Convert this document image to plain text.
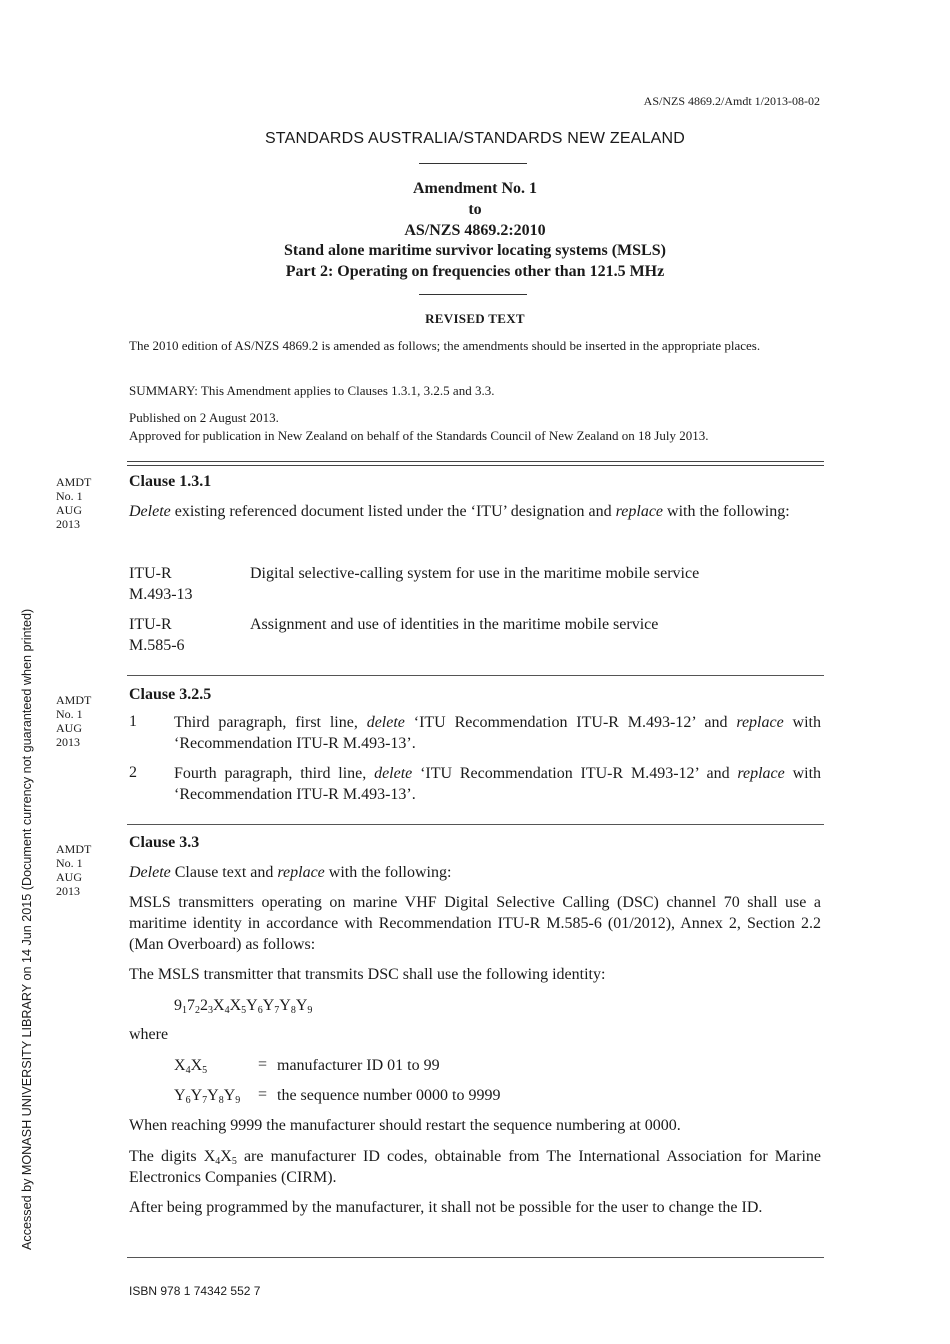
AS/NZS 4869.2/Amdt 1/2013-08-02
STANDARDS AUSTRALIA/STANDARDS NEW ZEALAND
Amendment No. 1
to
AS/NZS 4869.2:2010
Stand alone maritime survivor locating systems (MSLS)
Part 2: Operating on frequencies other than 121.5 MHz
REVISED TEXT
The 2010 edition of AS/NZS 4869.2 is amended as follows; the amendments should be inserted in the appropriate places.
SUMMARY: This Amendment applies to Clauses 1.3.1, 3.2.5 and 3.3.
Published on 2 August 2013.
Approved for publication in New Zealand on behalf of the Standards Council of New Zealand on 18 July 2013.
AMDT
No. 1
AUG
2013
Clause 1.3.1
Delete existing referenced document listed under the ‘ITU’ designation and replace with the following:
ITU-R
M.493-13
Digital selective-calling system for use in the maritime mobile service
ITU-R
M.585-6
Assignment and use of identities in the maritime mobile service
AMDT
No. 1
AUG
2013
Clause 3.2.5
1 Third paragraph, first line, delete ‘ITU Recommendation ITU-R M.493-12’ and replace with ‘Recommendation ITU-R M.493-13’.
2 Fourth paragraph, third line, delete ‘ITU Recommendation ITU-R M.493-12’ and replace with ‘Recommendation ITU-R M.493-13’.
AMDT
No. 1
AUG
2013
Clause 3.3
Delete Clause text and replace with the following:
MSLS transmitters operating on marine VHF Digital Selective Calling (DSC) channel 70 shall use a maritime identity in accordance with Recommendation ITU-R M.585-6 (01/2012), Annex 2, Section 2.2 (Man Overboard) as follows:
The MSLS transmitter that transmits DSC shall use the following identity:
$9_17_22_3X_4X_5Y_6Y_7Y_8Y_9$
where
$X_4X_5$	= manufacturer ID 01 to 99
$Y_6Y_7Y_8Y_9$ = the sequence number 0000 to 9999
When reaching 9999 the manufacturer should restart the sequence numbering at 0000.
The digits $X_4X_5$ are manufacturer ID codes, obtainable from The International Association for Marine Electronics Companies (CIRM).
After being programmed by the manufacturer, it shall not be possible for the user to change the ID.
ISBN 978 1 74342 552 7
Accessed by MONASH UNIVERSITY LIBRARY on 14 Jun 2015 (Document currency not guaranteed when printed)
